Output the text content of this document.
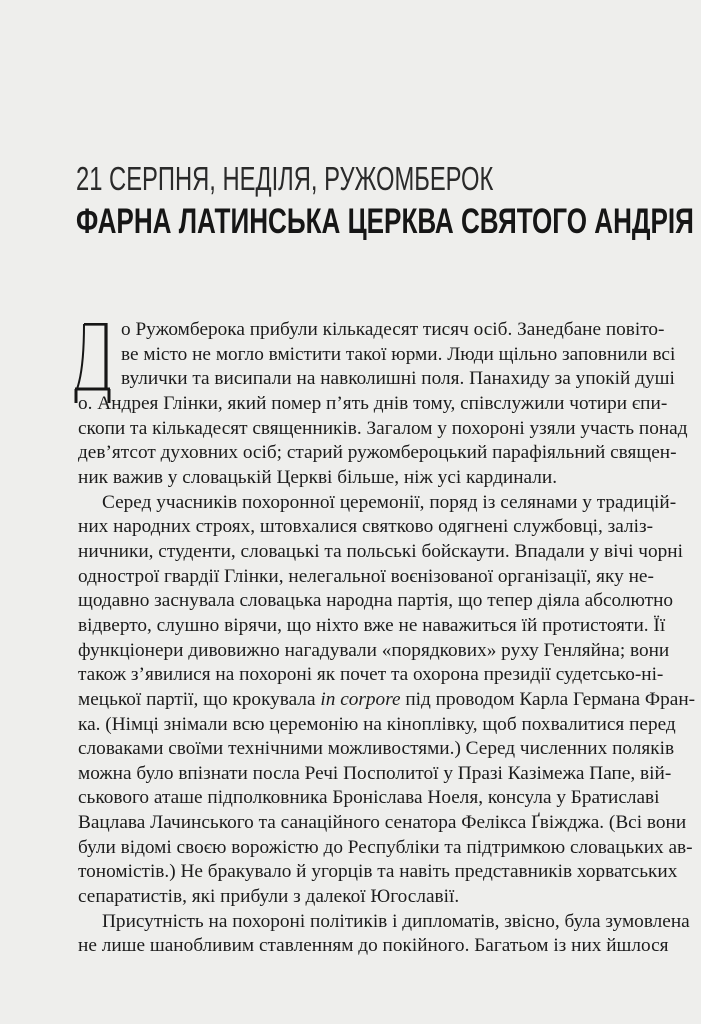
21 СЕРПНЯ, НЕДІЛЯ, РУЖОМБЕРОК
ФАРНА ЛАТИНСЬКА ЦЕРКВА СВЯТОГО АНДРІЯ

о Ружомберока прибули кількадесят тисяч осіб. Занедбане повіто-
ве місто не могло вмістити такої юрми. Люди щільно заповнили всі
вулички та висипали на навколишні поля. Панахиду за упокій душі
о. Андрея Глінки, який помер п’ять днів тому, співслужили чотири єпи-
скопи та кількадесят священників. Загалом у похороні узяли участь понад
дев’ятсот духовних осіб; старий ружомбероцький парафіяльний священ-
ник важив у словацькій Церкві більше, ніж усі кардинали.

Серед учасників похоронної церемонії, поряд із селянами у традицій-
них народних строях, штовхалися святково одягнені службовці, заліз-
ничники, студенти, словацькі та польські бойскаути. Впадали у вічі чорні
однострої гвардії Глінки, нелегальної воєнізованої організації, яку не-
щодавно заснувала словацька народна партія, що тепер діяла абсолютно
відверто, слушно віpячи, що ніхто вже не наважиться їй протистояти. Її
функціонери дивовижно нагадували «порядкових» руху Генляйна; вони
також з’явилися на похороні як почет та охорона президії судетсько-ні-
мецької партії, що крокувала in corpore під проводом Карла Германа Фран-
ка. (Німці знімали всю церемонію на кіноплівку, щоб похвалитися перед
словаками своїми технічними можливостями.) Серед численних поляків
можна було впізнати посла Речі Посполитої у Празі Казімежа Папе, вій-
ськового аташе підполковника Броніслава Ноеля, консула у Братиславі
Вацлава Лачинського та санаційного сенатора Фелікса Ґвіжджа. (Всі вони
були відомі своєю ворожістю до Республіки та підтримкою словацьких ав-
тономістів.) Не бракувало й угорців та навіть представників хорватських
сепаратистів, які прибули з далекої Югославії.

Присутність на похороні політиків і дипломатів, звісно, була зумовлена
не лише шанобливим ставленням до покійного. Багатьом із них йшлося
